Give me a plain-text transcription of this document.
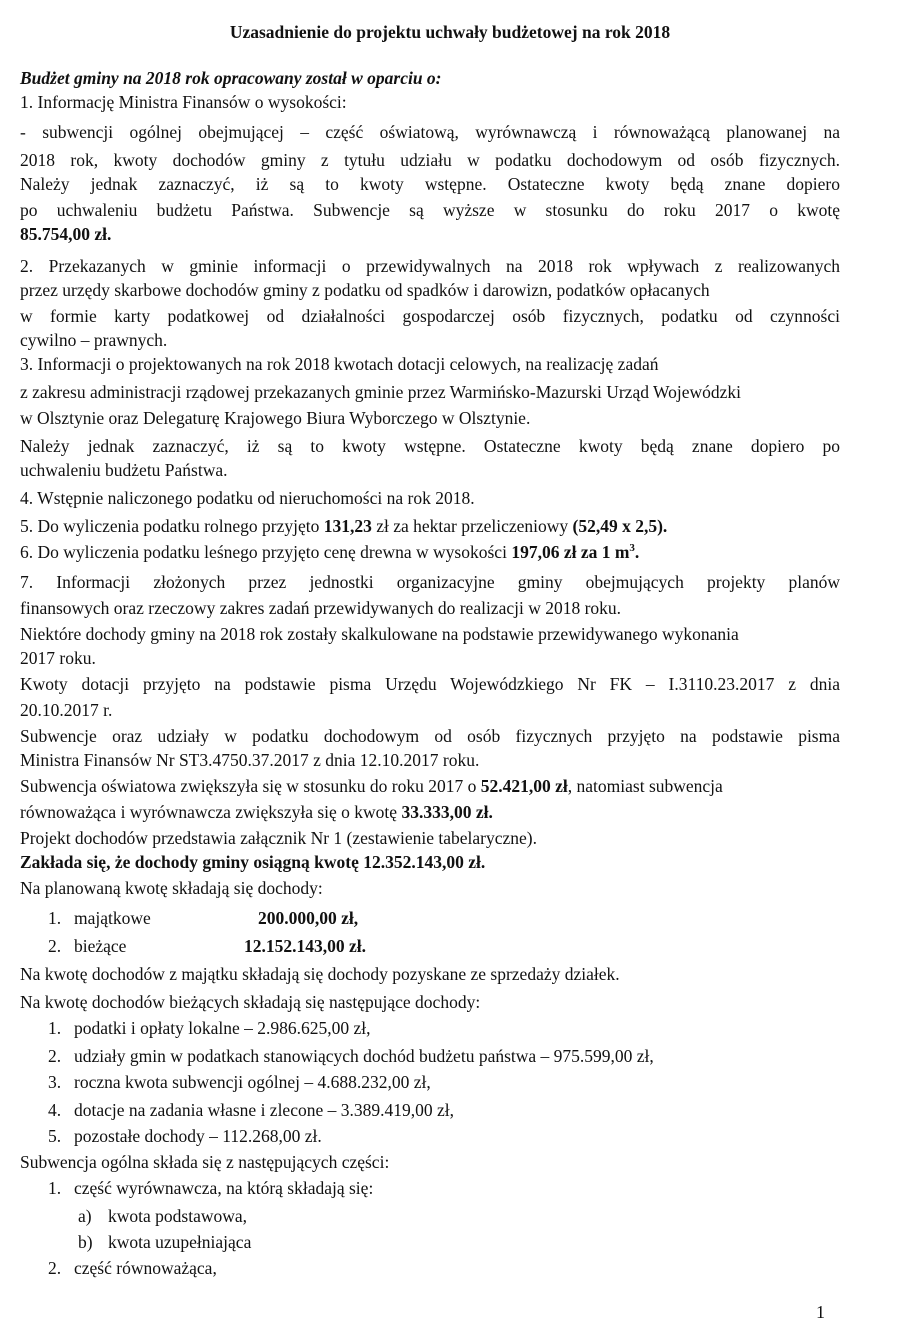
Uzasadnienie do projektu uchwały budżetowej na rok 2018
Budżet gminy na 2018 rok opracowany został w oparciu o:
1. Informację Ministra Finansów o wysokości:
- subwencji ogólnej obejmującej – część oświatową, wyrównawczą i równoważącą planowanej na
2018 rok, kwoty dochodów gminy z tytułu udziału w podatku dochodowym od osób fizycznych.
Należy jednak zaznaczyć, iż są to kwoty wstępne. Ostateczne kwoty będą znane dopiero
po uchwaleniu budżetu Państwa. Subwencje są wyższe w stosunku do roku 2017 o kwotę
85.754,00 zł.
2. Przekazanych w gminie informacji o przewidywalnych na 2018 rok wpływach z realizowanych
przez urzędy skarbowe dochodów gminy z podatku od spadków i darowizn, podatków opłacanych
w formie karty podatkowej od działalności gospodarczej osób fizycznych, podatku od czynności
cywilno – prawnych.
3. Informacji o projektowanych na rok 2018 kwotach dotacji celowych, na realizację zadań
z zakresu administracji rządowej przekazanych gminie przez Warmińsko-Mazurski Urząd Wojewódzki
w Olsztynie oraz Delegaturę Krajowego Biura Wyborczego w Olsztynie.
Należy jednak zaznaczyć, iż są to kwoty wstępne. Ostateczne kwoty będą znane dopiero po
uchwaleniu budżetu Państwa.
4. Wstępnie naliczonego podatku od nieruchomości na rok 2018.
5. Do wyliczenia podatku rolnego przyjęto 131,23 zł za hektar przeliczeniowy (52,49 x 2,5).
6. Do wyliczenia podatku leśnego przyjęto cenę drewna w wysokości 197,06 zł za 1 $m^3$.
7. Informacji złożonych przez jednostki organizacyjne gminy obejmujących projekty planów
finansowych oraz rzeczowy zakres zadań przewidywanych do realizacji w 2018 roku.
Niektóre dochody gminy na 2018 rok zostały skalkulowane na podstawie przewidywanego wykonania
2017 roku.
Kwoty dotacji przyjęto na podstawie pisma Urzędu Wojewódzkiego Nr FK – I.3110.23.2017 z dnia
20.10.2017 r.
Subwencje oraz udziały w podatku dochodowym od osób fizycznych przyjęto na podstawie pisma
Ministra Finansów Nr ST3.4750.37.2017 z dnia 12.10.2017 roku.
Subwencja oświatowa zwiększyła się w stosunku do roku 2017 o 52.421,00 zł, natomiast subwencja
równoważąca i wyrównawcza zwiększyła się o kwotę 33.333,00 zł.
Projekt dochodów przedstawia załącznik Nr 1 (zestawienie tabelaryczne).
Zakłada się, że dochody gminy osiągną kwotę 12.352.143,00 zł.
Na planowaną kwotę składają się dochody:
1. majątkowe	200.000,00 zł,
2. bieżące	12.152.143,00 zł.
Na kwotę dochodów z majątku składają się dochody pozyskane ze sprzedaży działek.
Na kwotę dochodów bieżących składają się następujące dochody:
1. podatki i opłaty lokalne – 2.986.625,00 zł,
2. udziały gmin w podatkach stanowiących dochód budżetu państwa – 975.599,00 zł,
3. roczna kwota subwencji ogólnej – 4.688.232,00 zł,
4. dotacje na zadania własne i zlecone – 3.389.419,00 zł,
5. pozostałe dochody – 112.268,00 zł.
Subwencja ogólna składa się z następujących części:
1. część wyrównawcza, na którą składają się:
a) kwota podstawowa,
b) kwota uzupełniająca
2. część równoważąca,
1
